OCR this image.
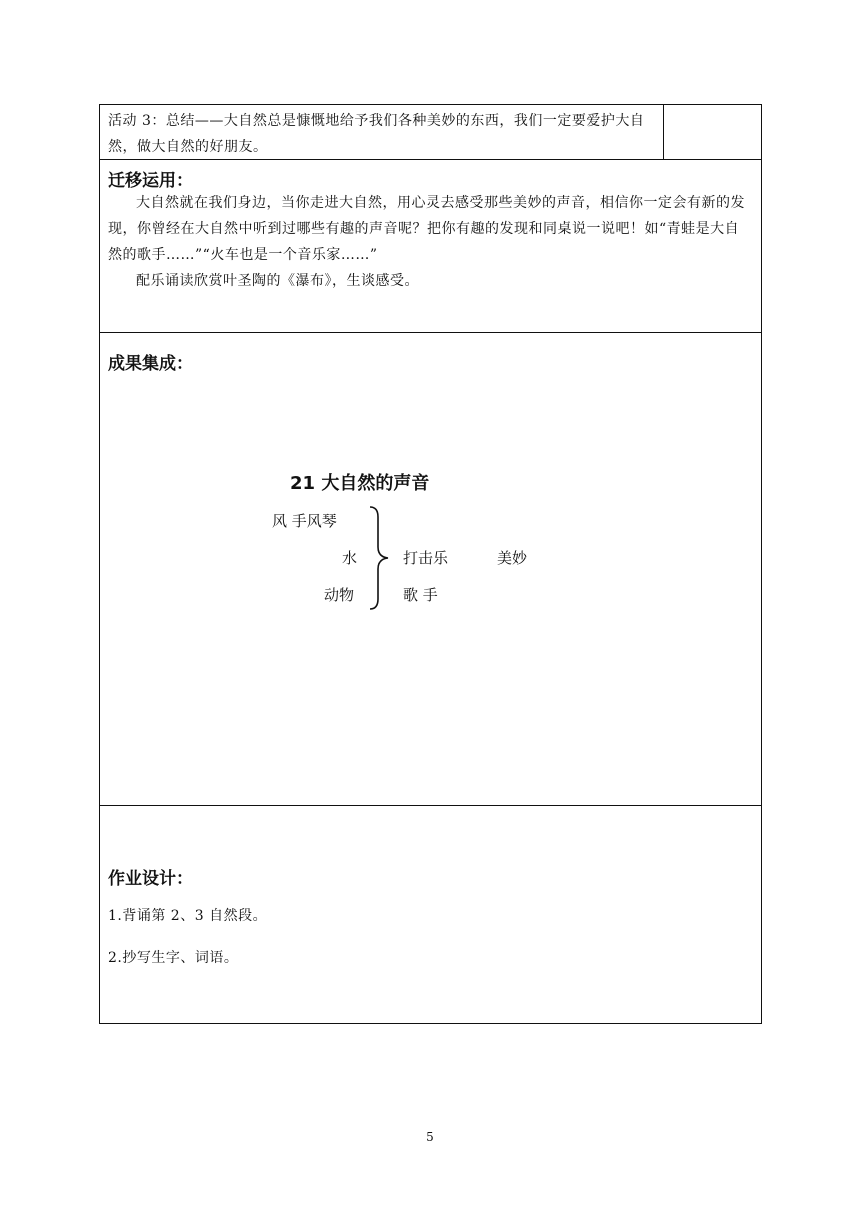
活动 3：总结——大自然总是慷慨地给予我们各种美妙的东西，我们一定要爱护大自然，做大自然的好朋友。
迁移运用：
大自然就在我们身边，当你走进大自然，用心灵去感受那些美妙的声音，相信你一定会有新的发现，你曾经在大自然中听到过哪些有趣的声音呢？把你有趣的发现和同桌说一说吧！如“青蛙是大自然的歌手……”“火车也是一个音乐家……”
配乐诵读欣赏叶圣陶的《瀑布》，生谈感受。
成果集成：
21 大自然的声音
风 手风琴
水
动物
打击乐
歌 手
美妙
作业设计：
1.背诵第 2、3 自然段。
2.抄写生字、词语。
5
